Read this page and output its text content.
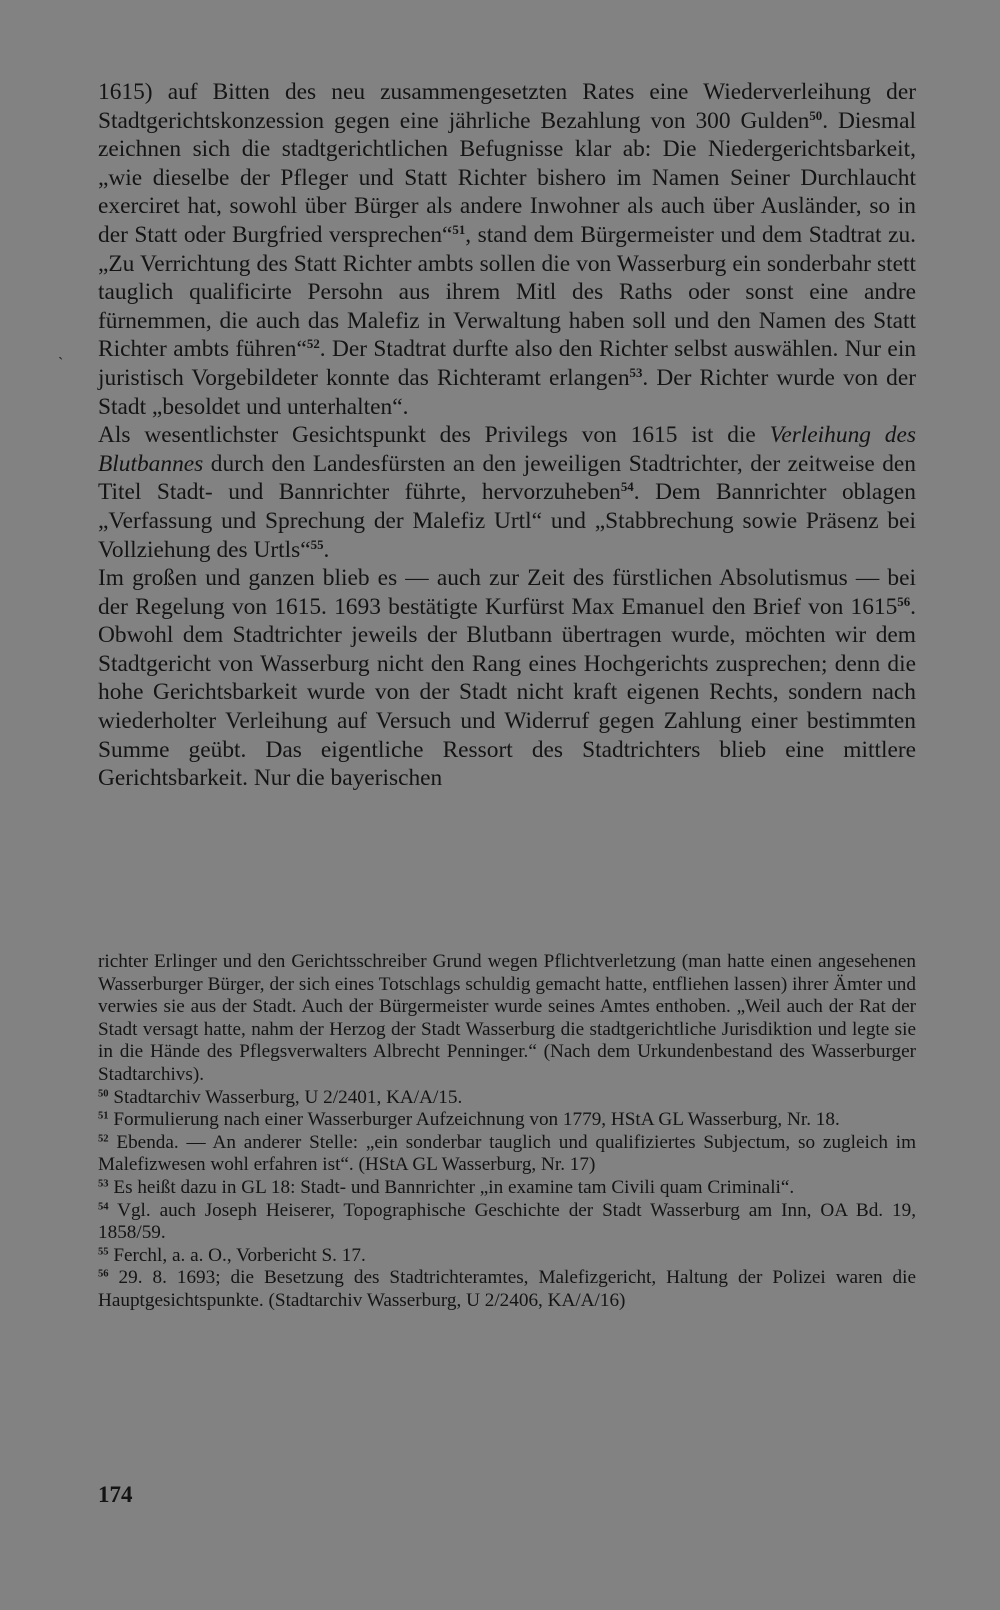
˴

1615) auf Bitten des neu zusammengesetzten Rates eine Wiederverleihung der Stadtgerichtskonzession gegen eine jährliche Bezahlung von 300 Gulden$^{50}$. Diesmal zeichnen sich die stadtgerichtlichen Befugnisse klar ab: Die Niedergerichtsbarkeit, „wie dieselbe der Pfleger und Statt Richter bishero im Namen Seiner Durchlaucht exerciret hat, sowohl über Bürger als andere Inwohner als auch über Ausländer, so in der Statt oder Burgfried versprechen“$^{51}$, stand dem Bürgermeister und dem Stadtrat zu. „Zu Verrichtung des Statt Richter ambts sollen die von Wasserburg ein sonderbahr stett tauglich qualificirte Persohn aus ihrem Mitl des Raths oder sonst eine andre fürnemmen, die auch das Malefiz in Verwaltung haben soll und den Namen des Statt Richter ambts führen“$^{52}$. Der Stadtrat durfte also den Richter selbst auswählen. Nur ein juristisch Vorgebildeter konnte das Richteramt erlangen$^{53}$. Der Richter wurde von der Stadt „besoldet und unterhalten“.

Als wesentlichster Gesichtspunkt des Privilegs von 1615 ist die Verleihung des Blutbannes durch den Landesfürsten an den jeweiligen Stadtrichter, der zeitweise den Titel Stadt- und Bannrichter führte, hervorzuheben$^{54}$. Dem Bannrichter oblagen „Verfassung und Sprechung der Malefiz Urtl“ und „Stabbrechung sowie Präsenz bei Vollziehung des Urtls“$^{55}$.

Im großen und ganzen blieb es — auch zur Zeit des fürstlichen Absolutismus — bei der Regelung von 1615. 1693 bestätigte Kurfürst Max Emanuel den Brief von 1615$^{56}$. Obwohl dem Stadtrichter jeweils der Blutbann übertragen wurde, möchten wir dem Stadtgericht von Wasserburg nicht den Rang eines Hochgerichts zusprechen; denn die hohe Gerichtsbarkeit wurde von der Stadt nicht kraft eigenen Rechts, sondern nach wiederholter Verleihung auf Versuch und Widerruf gegen Zahlung einer bestimmten Summe geübt. Das eigentliche Ressort des Stadtrichters blieb eine mittlere Gerichtsbarkeit. Nur die bayerischen

richter Erlinger und den Gerichtsschreiber Grund wegen Pflichtverletzung (man hatte einen angesehenen Wasserburger Bürger, der sich eines Totschlags schuldig gemacht hatte, entfliehen lassen) ihrer Ämter und verwies sie aus der Stadt. Auch der Bürgermeister wurde seines Amtes enthoben. „Weil auch der Rat der Stadt versagt hatte, nahm der Herzog der Stadt Wasserburg die stadtgerichtliche Jurisdiktion und legte sie in die Hände des Pflegsverwalters Albrecht Penninger.“ (Nach dem Urkundenbestand des Wasserburger Stadtarchivs).

$^{50}$ Stadtarchiv Wasserburg, U 2/2401, KA/A/15.

$^{51}$ Formulierung nach einer Wasserburger Aufzeichnung von 1779, HStA GL Wasserburg, Nr. 18.

$^{52}$ Ebenda. — An anderer Stelle: „ein sonderbar tauglich und qualifiziertes Subjectum, so zugleich im Malefizwesen wohl erfahren ist“. (HStA GL Wasserburg, Nr. 17)

$^{53}$ Es heißt dazu in GL 18: Stadt- und Bannrichter „in examine tam Civili quam Criminali“.

$^{54}$ Vgl. auch Joseph Heiserer, Topographische Geschichte der Stadt Wasserburg am Inn, OA Bd. 19, 1858/59.

$^{55}$ Ferchl, a. a. O., Vorbericht S. 17.

$^{56}$ 29. 8. 1693; die Besetzung des Stadtrichteramtes, Malefizgericht, Haltung der Polizei waren die Hauptgesichtspunkte. (Stadtarchiv Wasserburg, U 2/2406, KA/A/16)

174
